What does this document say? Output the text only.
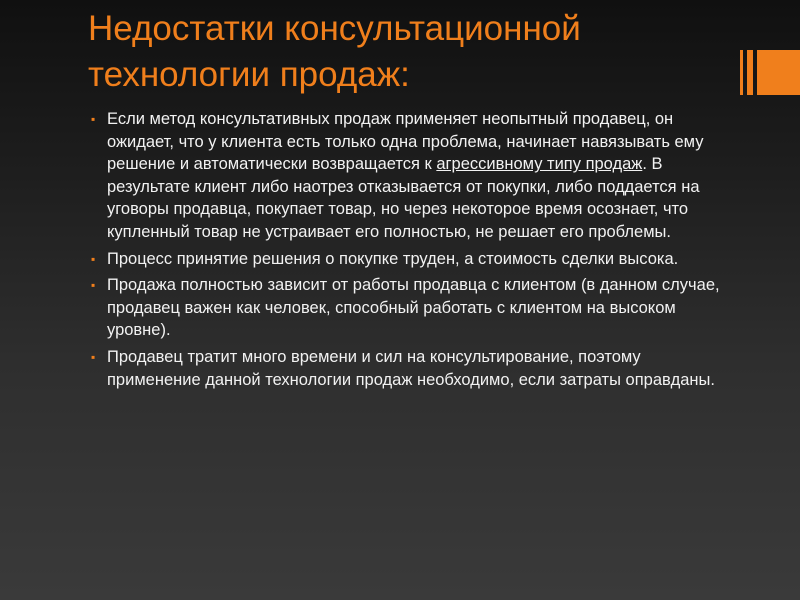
Недостатки консультационной
технологии продаж:
▪ Если метод консультативных продаж применяет неопытный продавец, он ожидает, что у клиента есть только одна проблема, начинает навязывать ему решение и автоматически возвращается к агрессивному типу продаж. В результате клиент либо наотрез отказывается от покупки, либо поддается на уговоры продавца, покупает товар, но через некоторое время осознает, что купленный товар не устраивает его полностью, не решает его проблемы.
▪ Процесс принятие решения о покупке труден, а стоимость сделки высока.
▪ Продажа полностью зависит от работы продавца с клиентом (в данном случае, продавец важен как человек, способный работать с клиентом на высоком уровне).
▪ Продавец тратит много времени и сил на консультирование, поэтому применение данной технологии продаж необходимо, если затраты оправданы.
